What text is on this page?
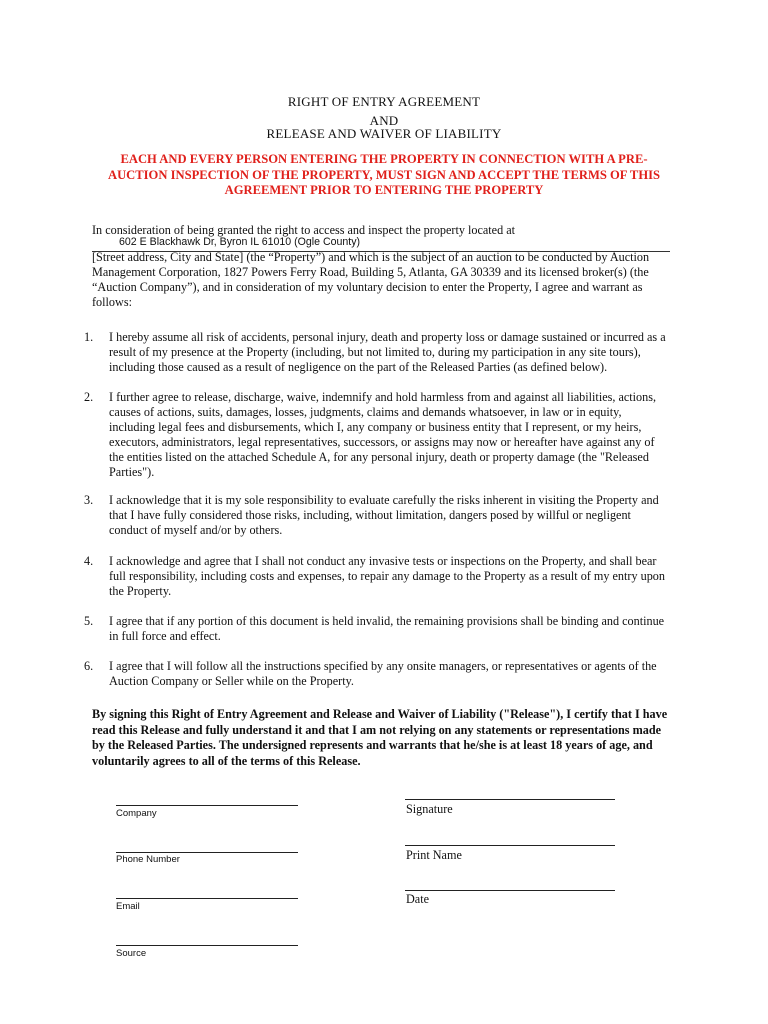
RIGHT OF ENTRY AGREEMENT
AND
RELEASE AND WAIVER OF LIABILITY
EACH AND EVERY PERSON ENTERING THE PROPERTY IN CONNECTION WITH A PRE-AUCTION INSPECTION OF THE PROPERTY, MUST SIGN AND ACCEPT THE TERMS OF THIS AGREEMENT PRIOR TO ENTERING THE PROPERTY
In consideration of being granted the right to access and inspect the property located at
602 E Blackhawk Dr, Byron IL 61010 (Ogle County)
[Street address, City and State] (the “Property”) and which is the subject of an auction to be conducted by Auction Management Corporation, 1827 Powers Ferry Road, Building 5, Atlanta, GA 30339 and its licensed broker(s) (the “Auction Company”), and in consideration of my voluntary decision to enter the Property, I agree and warrant as follows:
1.	I hereby assume all risk of accidents, personal injury, death and property loss or damage sustained or incurred as a result of my presence at the Property (including, but not limited to, during my participation in any site tours), including those caused as a result of negligence on the part of the Released Parties (as defined below).
2.	I further agree to release, discharge, waive, indemnify and hold harmless from and against all liabilities, actions, causes of actions, suits, damages, losses, judgments, claims and demands whatsoever, in law or in equity, including legal fees and disbursements, which I, any company or business entity that I represent, or my heirs, executors, administrators, legal representatives, successors, or assigns may now or hereafter have against any of the entities listed on the attached Schedule A, for any personal injury, death or property damage (the "Released Parties").
3.	I acknowledge that it is my sole responsibility to evaluate carefully the risks inherent in visiting the Property and that I have fully considered those risks, including, without limitation, dangers posed by willful or negligent conduct of myself and/or by others.
4.	I acknowledge and agree that I shall not conduct any invasive tests or inspections on the Property, and shall bear full responsibility, including costs and expenses, to repair any damage to the Property as a result of my entry upon the Property.
5.	I agree that if any portion of this document is held invalid, the remaining provisions shall be binding and continue in full force and effect.
6.	I agree that I will follow all the instructions specified by any onsite managers, or representatives or agents of the Auction Company or Seller while on the Property.
By signing this Right of Entry Agreement and Release and Waiver of Liability ("Release"), I certify that I have read this Release and fully understand it and that I am not relying on any statements or representations made by the Released Parties. The undersigned represents and warrants that he/she is at least 18 years of age, and voluntarily agrees to all of the terms of this Release.
Company
Phone Number
Email
Source
Signature
Print Name
Date
